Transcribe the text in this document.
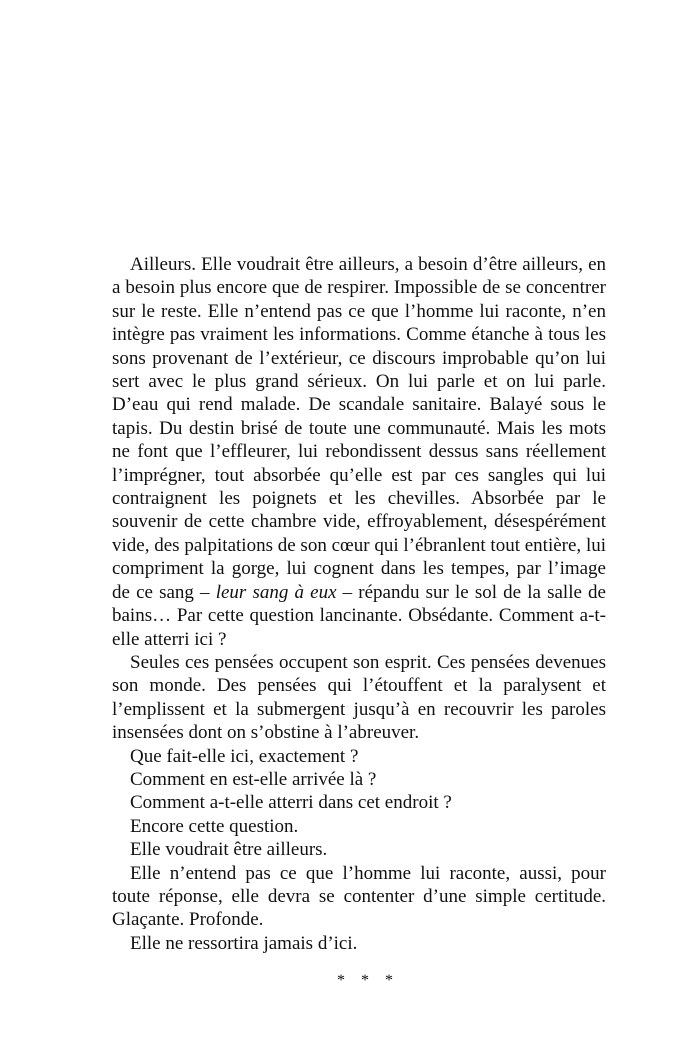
Ailleurs. Elle voudrait être ailleurs, a besoin d’être ailleurs, en a besoin plus encore que de respirer. Impossible de se concentrer sur le reste. Elle n’entend pas ce que l’homme lui raconte, n’en intègre pas vraiment les informations. Comme étanche à tous les sons provenant de l’extérieur, ce discours improbable qu’on lui sert avec le plus grand sérieux. On lui parle et on lui parle. D’eau qui rend malade. De scandale sanitaire. Balayé sous le tapis. Du destin brisé de toute une communauté. Mais les mots ne font que l’effleurer, lui rebondissent dessus sans réellement l’imprégner, tout absorbée qu’elle est par ces sangles qui lui contraignent les poignets et les chevilles. Absorbée par le souvenir de cette chambre vide, effroyablement, désespérément vide, des palpitations de son cœur qui l’ébranlent tout entière, lui compriment la gorge, lui cognent dans les tempes, par l’image de ce sang – leur sang à eux – répandu sur le sol de la salle de bains… Par cette question lancinante. Obsédante. Comment a-t-elle atterri ici ?

Seules ces pensées occupent son esprit. Ces pensées devenues son monde. Des pensées qui l’étouffent et la paralysent et l’emplissent et la submergent jusqu’à en recouvrir les paroles insensées dont on s’obstine à l’abreuver.

Que fait-elle ici, exactement ?

Comment en est-elle arrivée là ?

Comment a-t-elle atterri dans cet endroit ?

Encore cette question.

Elle voudrait être ailleurs.

Elle n’entend pas ce que l’homme lui raconte, aussi, pour toute réponse, elle devra se contenter d’une simple certitude. Glaçante. Profonde.

Elle ne ressortira jamais d’ici.

* * *
